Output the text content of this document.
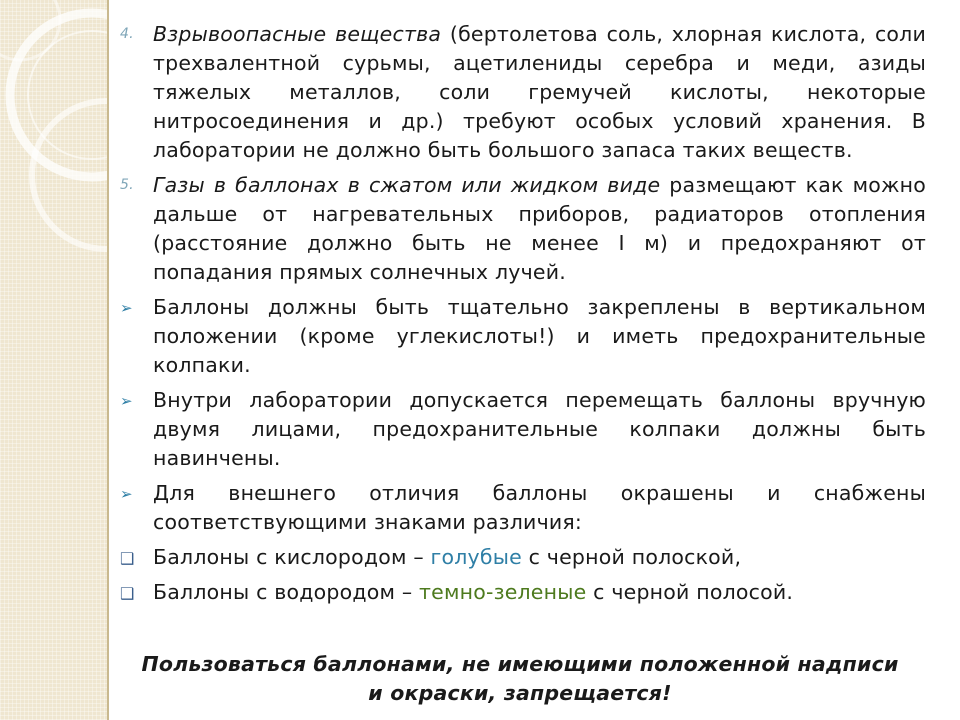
4. Взрывоопасные вещества (бертолетова соль, хлорная кислота, соли трехвалентной сурьмы, ацетилениды серебра и меди, азиды тяжелых металлов, соли гремучей кислоты, некоторые нитросоединения и др.) требуют особых условий хранения. В лаборатории не должно быть большого запаса таких веществ.
5. Газы в баллонах в сжатом или жидком виде размещают как можно дальше от нагревательных приборов, радиаторов отопления (расстояние должно быть не менее I м) и предохраняют от попадания прямых солнечных лучей.
➢ Баллоны должны быть тщательно закреплены в вертикальном положении (кроме углекислоты!) и иметь предохранительные колпаки.
➢ Внутри лаборатории допускается перемещать баллоны вручную двумя лицами, предохранительные колпаки должны быть навинчены.
➢ Для внешнего отличия баллоны окрашены и снабжены соответствующими знаками различия:
❑ Баллоны с кислородом – голубые с черной полоской,
❑ Баллоны с водородом – темно-зеленые с черной полосой.
Пользоваться баллонами, не имеющими положенной надписи и окраски, запрещается!
